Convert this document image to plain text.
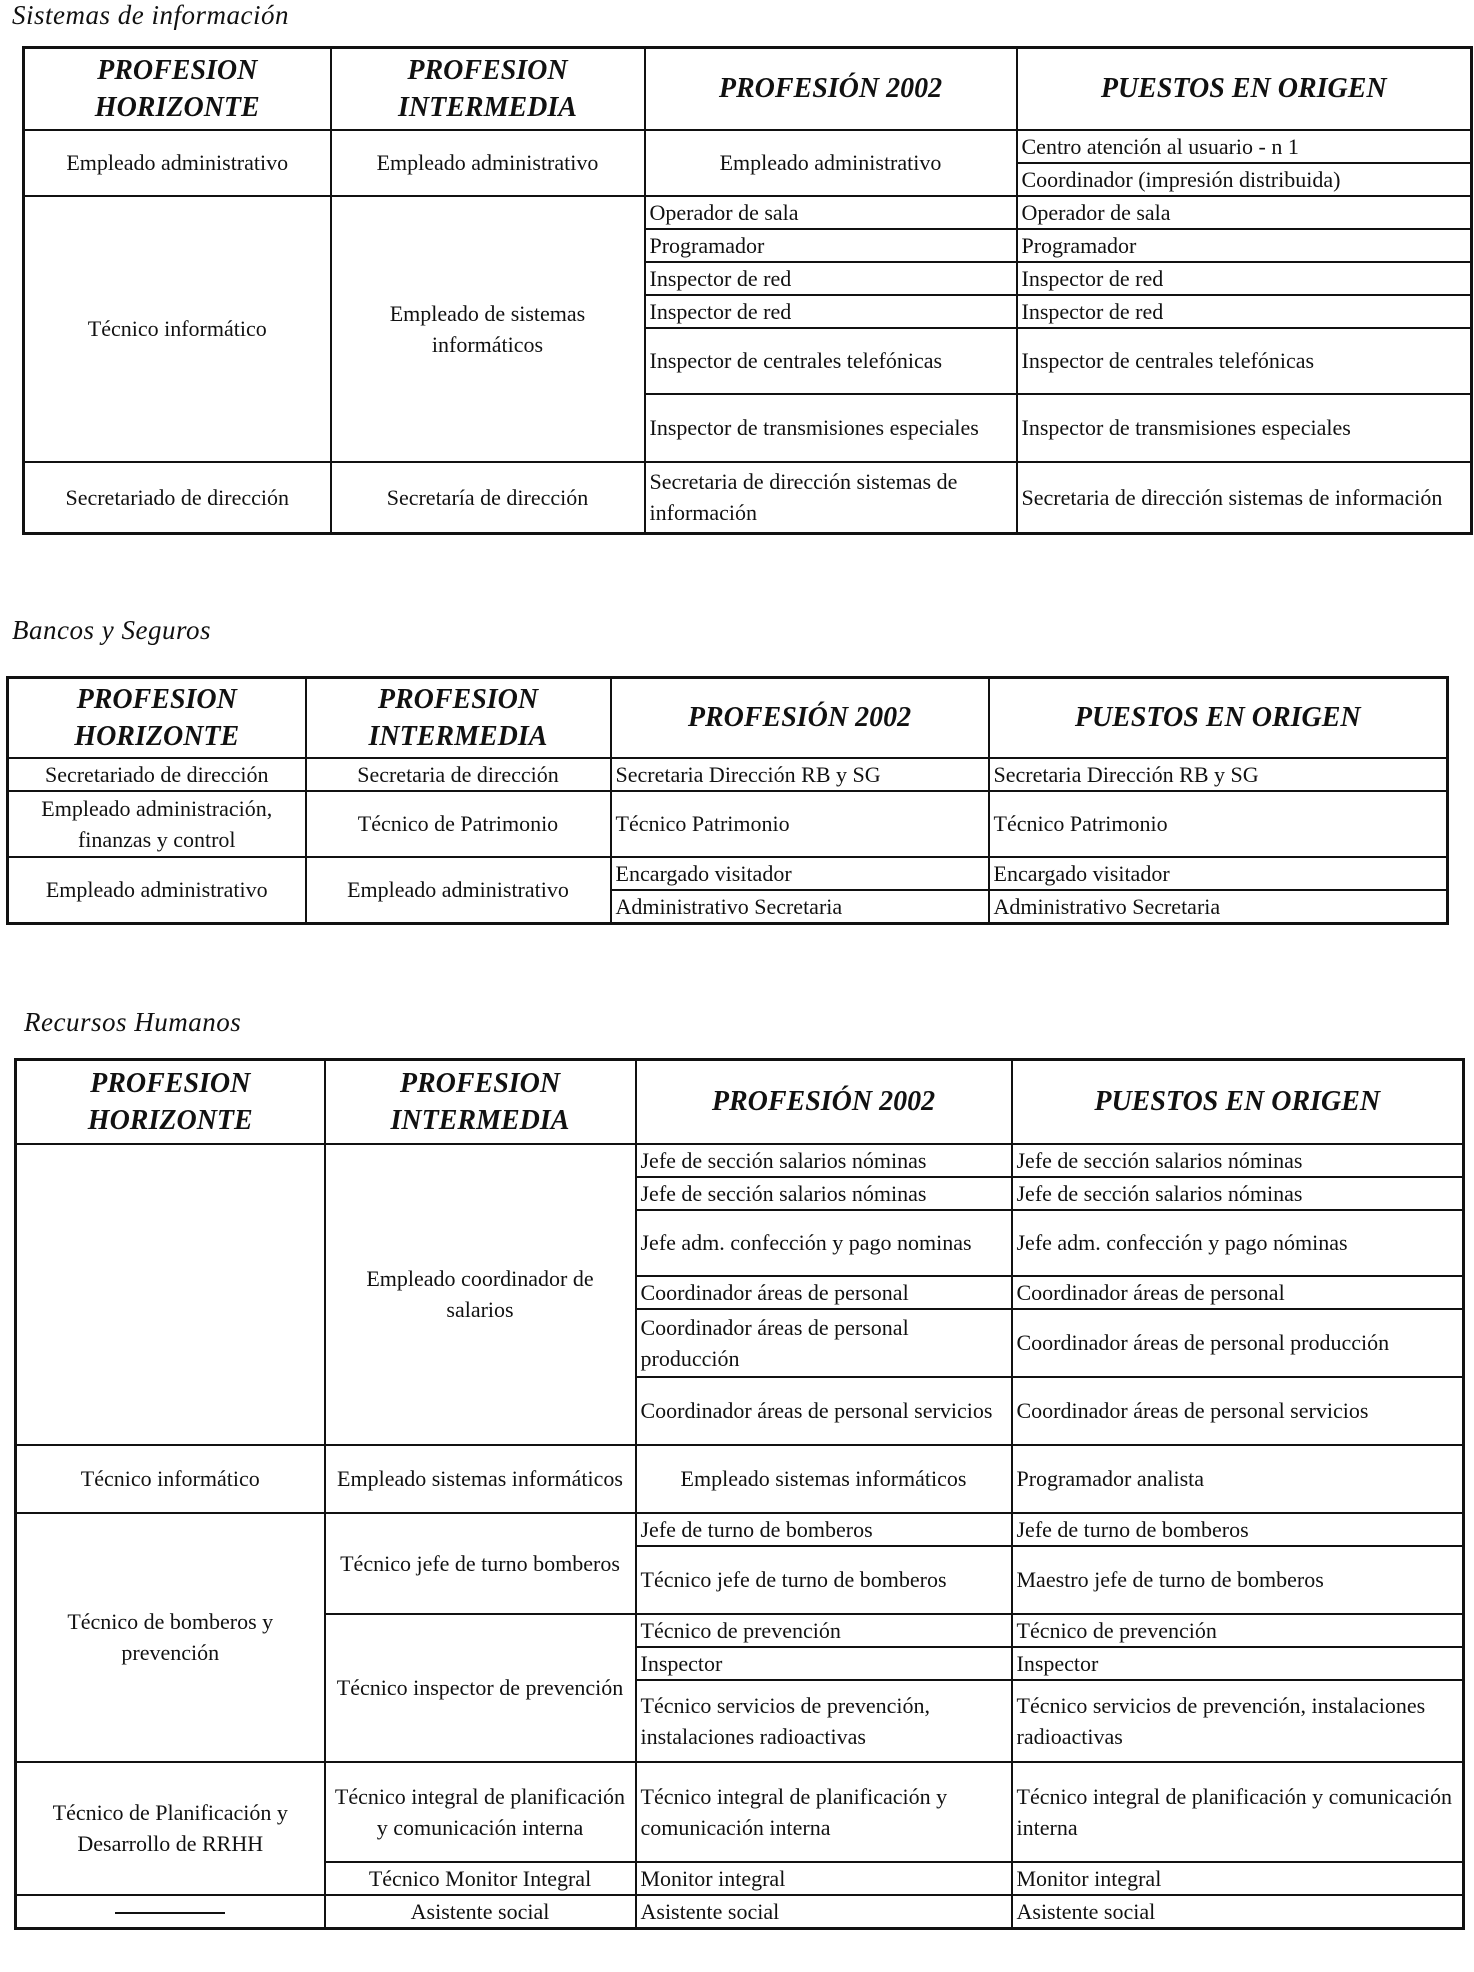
Sistemas de información
PROFESION HORIZONTE	PROFESION INTERMEDIA	PROFESIÓN 2002	PUESTOS EN ORIGEN
Empleado administrativo	Empleado administrativo	Empleado administrativo	Centro atención al usuario - n 1
			Coordinador (impresión distribuida)
Técnico informático	Empleado de sistemas informáticos	Operador de sala	Operador de sala
		Programador	Programador
		Inspector de red	Inspector de red
		Inspector de red	Inspector de red
		Inspector de centrales telefónicas	Inspector de centrales telefónicas
		Inspector de transmisiones especiales	Inspector de transmisiones especiales
Secretariado de dirección	Secretaría de dirección	Secretaria de dirección sistemas de información	Secretaria de dirección sistemas de información
Bancos y Seguros
PROFESION HORIZONTE	PROFESION INTERMEDIA	PROFESIÓN 2002	PUESTOS EN ORIGEN
Secretariado de dirección	Secretaria de dirección	Secretaria Dirección RB y SG	Secretaria Dirección RB y SG
Empleado administración, finanzas y control	Técnico de Patrimonio	Técnico Patrimonio	Técnico Patrimonio
Empleado administrativo	Empleado administrativo	Encargado visitador	Encargado visitador
		Administrativo Secretaria	Administrativo Secretaria
Recursos Humanos
PROFESION HORIZONTE	PROFESION INTERMEDIA	PROFESIÓN 2002	PUESTOS EN ORIGEN
	Empleado coordinador de salarios	Jefe de sección salarios nóminas	Jefe de sección salarios nóminas
		Jefe de sección salarios nóminas	Jefe de sección salarios nóminas
		Jefe adm. confección y pago nominas	Jefe adm. confección y pago nóminas
		Coordinador áreas de personal	Coordinador áreas de personal
		Coordinador áreas de personal producción	Coordinador áreas de personal producción
		Coordinador áreas de personal servicios	Coordinador áreas de personal servicios
Técnico informático	Empleado sistemas informáticos	Empleado sistemas informáticos	Programador analista
Técnico de bomberos y prevención	Técnico jefe de turno bomberos	Jefe de turno de bomberos	Jefe de turno de bomberos
		Técnico jefe de turno de bomberos	Maestro jefe de turno de bomberos
	Técnico inspector de prevención	Técnico de prevención	Técnico de prevención
		Inspector	Inspector
		Técnico servicios de prevención, instalaciones radioactivas	Técnico servicios de prevención, instalaciones radioactivas
Técnico de Planificación y Desarrollo de RRHH	Técnico integral de planificación y comunicación interna	Técnico integral de planificación y comunicación interna	Técnico integral de planificación y comunicación interna
	Técnico Monitor Integral	Monitor integral	Monitor integral
	Asistente social	Asistente social	Asistente social
